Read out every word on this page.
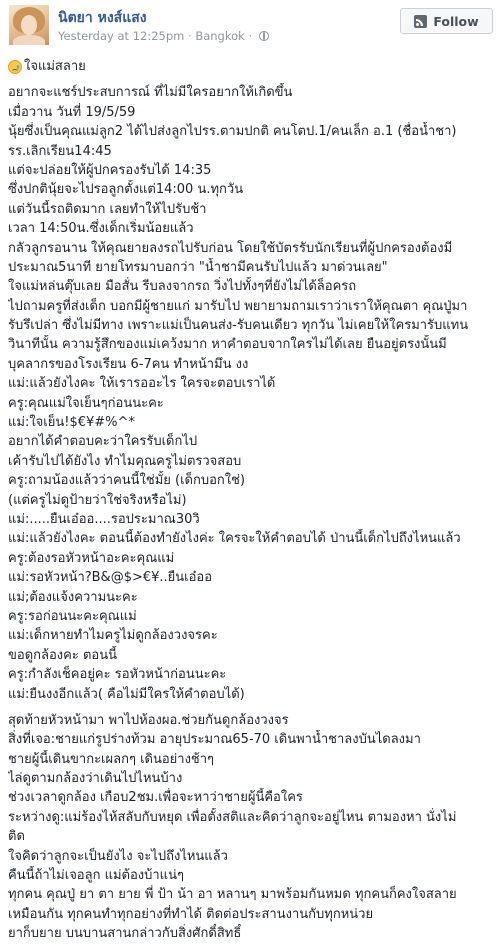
นิตยา หงส์แสง
Yesterday at 12:25pm · Bangkok ·
Follow
ใจแม่สลาย
อยากจะแชร์ประสบการณ์ ที่ไม่มีใครอยากให้เกิดขึ้น
เมื่อวาน วันที่ 19/5/59
นุ้ยซึ่งเป็นคุณแม่ลูก2 ได้ไปส่งลูกไปรร.ตามปกติ คนโตป.1/คนเล็ก อ.1 (ชื่อน้ำชา)
รร.เลิกเรียน14:45
แต่จะปล่อยให้ผู้ปกครองรับได้ 14:35
ซึ่งปกตินุ้ยจะไปรอลูกตั้งแต่14:00 น.ทุกวัน
แต่วันนี้รถติดมาก เลยทำให้ไปรับช้า
เวลา 14:50น.ซึ่งเด็กเริ่มน้อยแล้ว
กลัวลูกรอนาน ให้คุณยายลงรถไปรับก่อน โดยใช้บัตรรับนักเรียนที่ผู้ปกครองต้องมี
ประมาณ5นาที ยายโทรมาบอกว่า "น้ำชามีคนรับไปแล้ว มาด่วนเลย"
ใจแม่หล่นตุ๊บเลย มือสั่น รีบลงจากรถ วิ่งไปทั้งๆที่ยังไม่ได้ล็อครถ
ไปถามครูที่ส่งเด็ก บอกมีผู้ชายแก่ มารับไป พยายามถามเราว่าเราให้คุณตา คุณปู่มา
รับรึเปล่า ซึ่งไม่มีทาง เพราะแม่เป็นคนส่ง-รับคนเดียว ทุกวัน ไม่เคยให้ใครมารับแทน
วินาทีนั้น ความรู้สึกของแม่เคว้งมาก หาคำตอบจากใครไม่ได้เลย ยืนอยู่ตรงนั้นมี
บุคลากรของโรงเรียน 6-7คน ทำหน้ามึน งง
แม่:แล้วยังไงคะ ให้เรารออะไร ใครจะตอบเราได้
ครู:คุณแม่ใจเย็นๆก่อนนะคะ
แม่:ใจเย็น!$€¥#%^*
อยากได้คำตอบคะว่าใครรับเด็กไป
เค้ารับไปได้ยังไง ทำไมคุณครูไม่ตรวจสอบ
ครู:ถามน้องแล้วว่าคนนี้ใช่มั้ย (เด็กบอกใช่)
(แต่ครูไม่ดูป้ายว่าใช่จริงหรือไม่)
แม่:.....ยืนเอ๋ออ....รอประมาณ30วิ
แม่:แล้วยังไงคะ ตอนนี้ต้องทำยังไงค่ะ ใครจะให้คำตอบได้ ป่านนี้เด็กไปถึงไหนแล้ว
ครู:ต้องรอหัวหน้าอะคะคุณแม่
แม่:รอหัวหน้า?B&@$>€¥..ยืนเอ๋ออ
แม่;ต้องแจ้งความนะคะ
ครู:รอก่อนนะคะคุณแม่
แม่:เด็กหายทำไมครูไม่ดูกล้องวงจรคะ
ขอดูกล้องคะ ตอนนี้
ครู:กำลังเช็คอยู่คะ รอหัวหน้าก่อนนะคะ
แม่:ยืนงงอีกแล้ว( คือไม่มีใครให้คำตอบได้)
สุดท้ายหัวหน้ามา พาไปห้องผอ.ช่วยกันดูกล้องวงจร
สิ่งที่เจอ:ชายแก่รูปร่างท้วม อายุประมาณ65-70 เดินพาน้ำชาลงบันไดลงมา
ชายผู้นี้เดินขากะเผลกๆ เดินอย่างช้าๆ
ไล่ดูตามกล้องว่าเดินไปไหนบ้าง
ช่วงเวลาดูกล้อง เกือบ2ชม.เพื่อจะหาว่าชายผู้นี้คือใคร
ระหว่างดู:แม่ร้องไห้สลับกับหยุด เพื่อตั้งสติและคิดว่าลูกจะอยู่ไหน ตามองหา นั่งไม่
ติด
ใจคิดว่าลูกจะเป็นยังไง จะไปถึงไหนแล้ว
คืนนี้ถ้าไม่เจอลูก แม่ต้องบ้าแน่ๆ
ทุกคน คุณปู่ ยา ตา ยาย พี่ ป้า น้า อา หลานๆ มาพร้อมกันหมด ทุกคนก็คงใจสลาย
เหมือนกัน ทุกคนทำทุกอย่างที่ทำได้ ติดต่อประสานงานกับทุกหน่วย
ยาก็บยาย บนบานสานกล่าวกับสิ่งศักดิ์สิทธิ์
